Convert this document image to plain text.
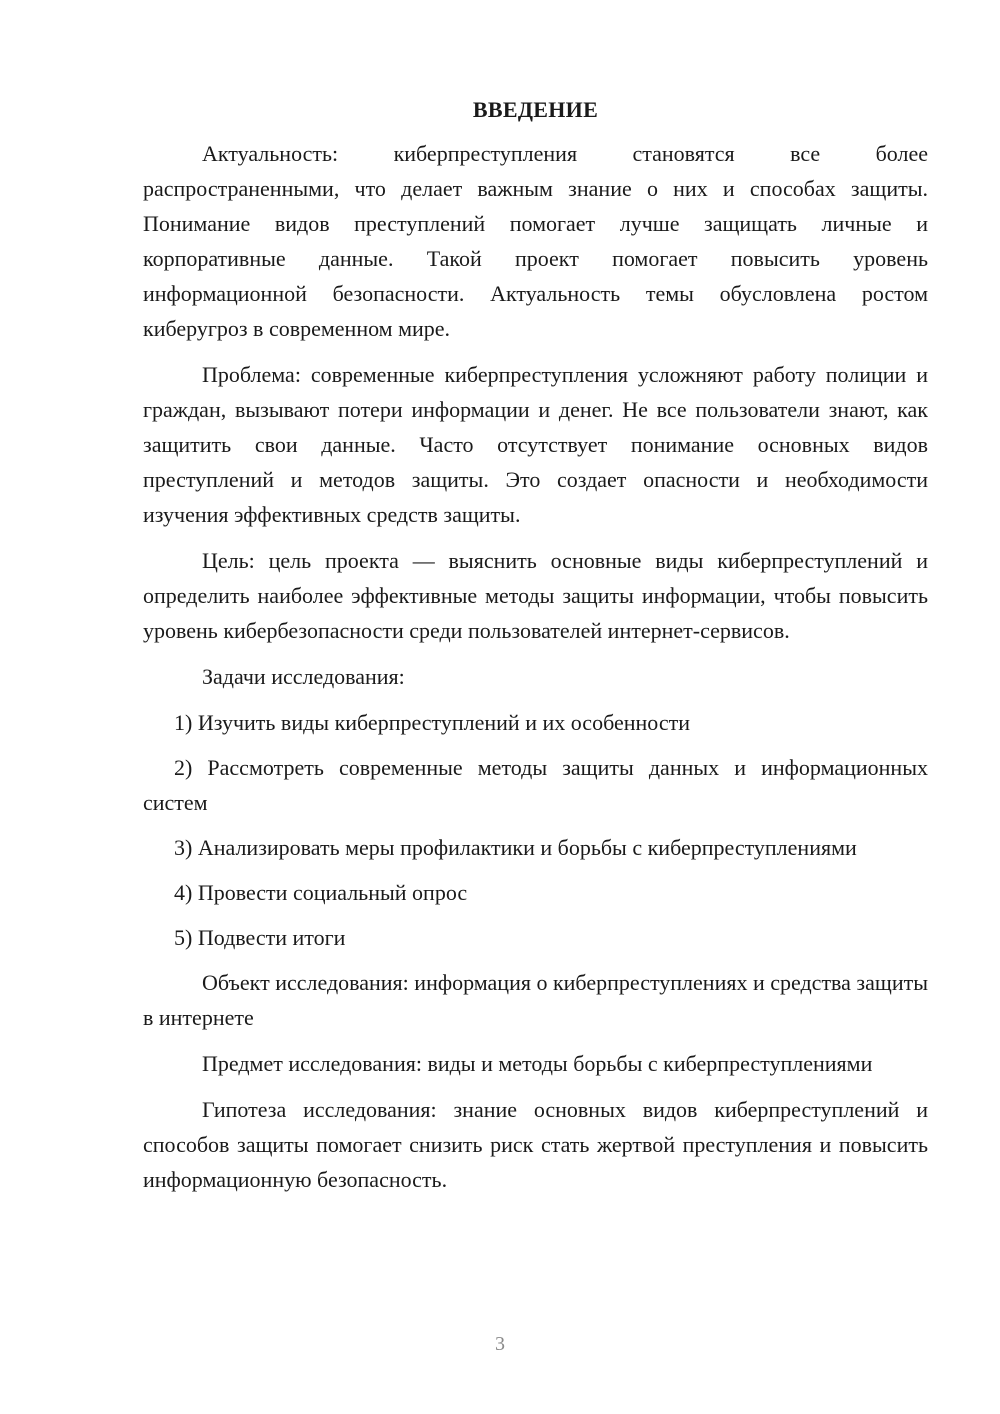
ВВЕДЕНИЕ

Актуальность: киберпреступления становятся все более распространенными, что делает важным знание о них и способах защиты. Понимание видов преступлений помогает лучше защищать личные и корпоративные данные. Такой проект помогает повысить уровень информационной безопасности. Актуальность темы обусловлена ростом киберугроз в современном мире.

Проблема: современные киберпреступления усложняют работу полиции и граждан, вызывают потери информации и денег. Не все пользователи знают, как защитить свои данные. Часто отсутствует понимание основных видов преступлений и методов защиты. Это создает опасности и необходимости изучения эффективных средств защиты.

Цель: цель проекта — выяснить основные виды киберпреступлений и определить наиболее эффективные методы защиты информации, чтобы повысить уровень кибербезопасности среди пользователей интернет-сервисов.

Задачи исследования:

1) Изучить виды киберпреступлений и их особенности

2) Рассмотреть современные методы защиты данных и информационных систем

3) Анализировать меры профилактики и борьбы с киберпреступлениями

4) Провести социальный опрос

5) Подвести итоги

Объект исследования: информация о киберпреступлениях и средства защиты в интернете

Предмет исследования: виды и методы борьбы с киберпреступлениями

Гипотеза исследования: знание основных видов киберпреступлений и способов защиты помогает снизить риск стать жертвой преступления и повысить информационную безопасность.

3
